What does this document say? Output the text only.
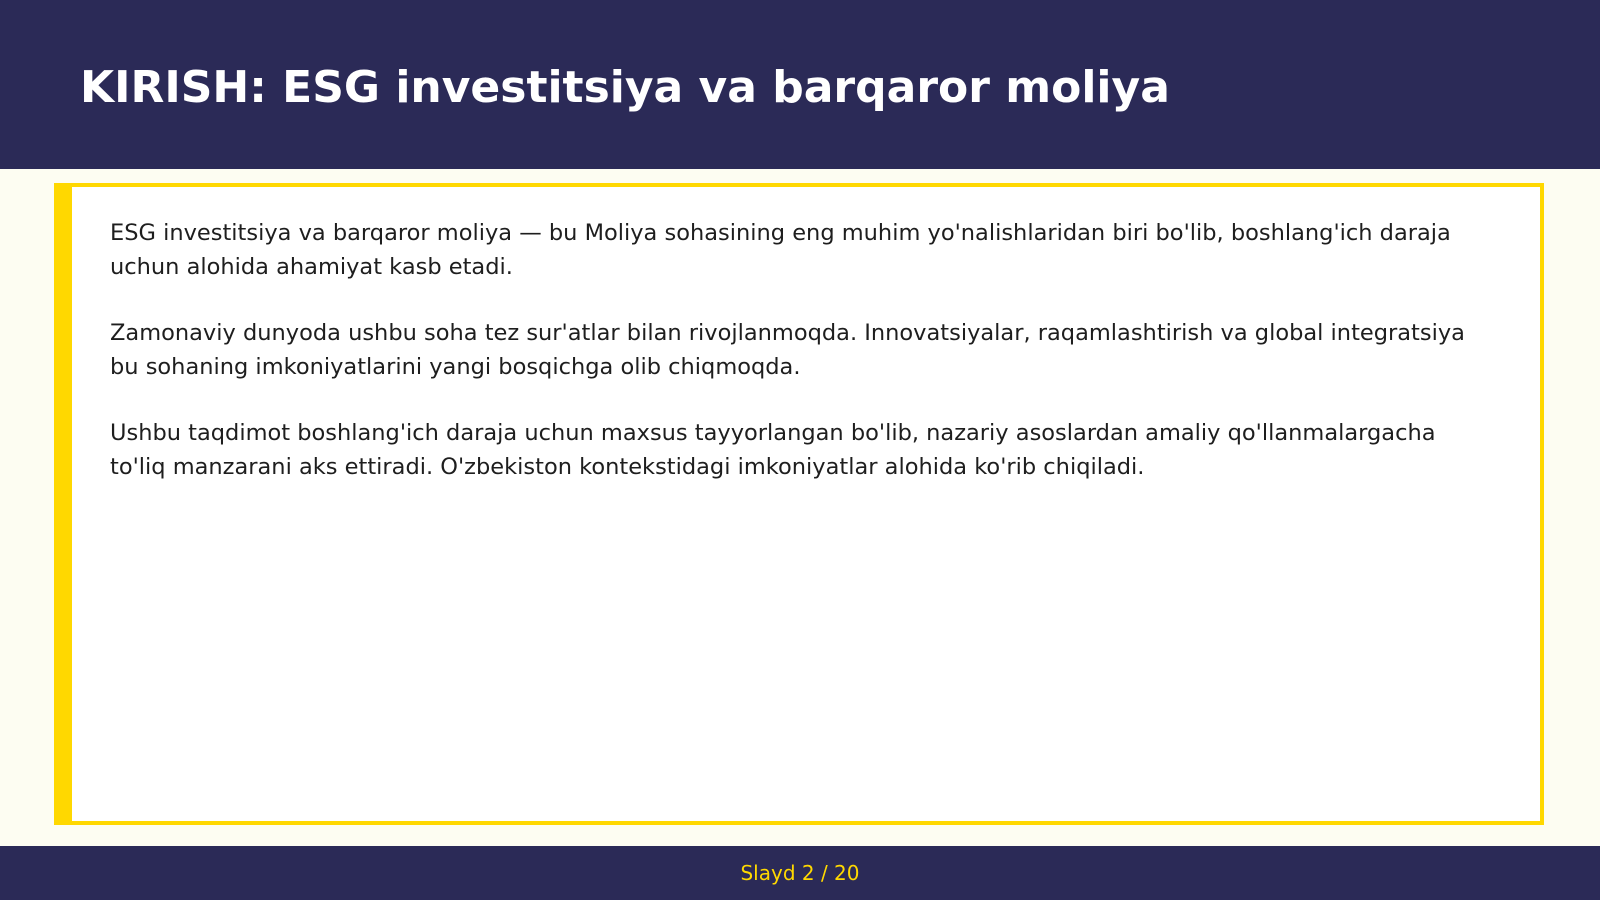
KIRISH: ESG investitsiya va barqaror moliya

ESG investitsiya va barqaror moliya — bu Moliya sohasining eng muhim yo'nalishlaridan biri bo'lib, boshlang'ich daraja uchun alohida ahamiyat kasb etadi.

Zamonaviy dunyoda ushbu soha tez sur'atlar bilan rivojlanmoqda. Innovatsiyalar, raqamlashtirish va global integratsiya bu sohaning imkoniyatlarini yangi bosqichga olib chiqmoqda.

Ushbu taqdimot boshlang'ich daraja uchun maxsus tayyorlangan bo'lib, nazariy asoslardan amaliy qo'llanmalargacha to'liq manzarani aks ettiradi. O'zbekiston kontekstidagi imkoniyatlar alohida ko'rib chiqiladi.

Slayd 2 / 20
